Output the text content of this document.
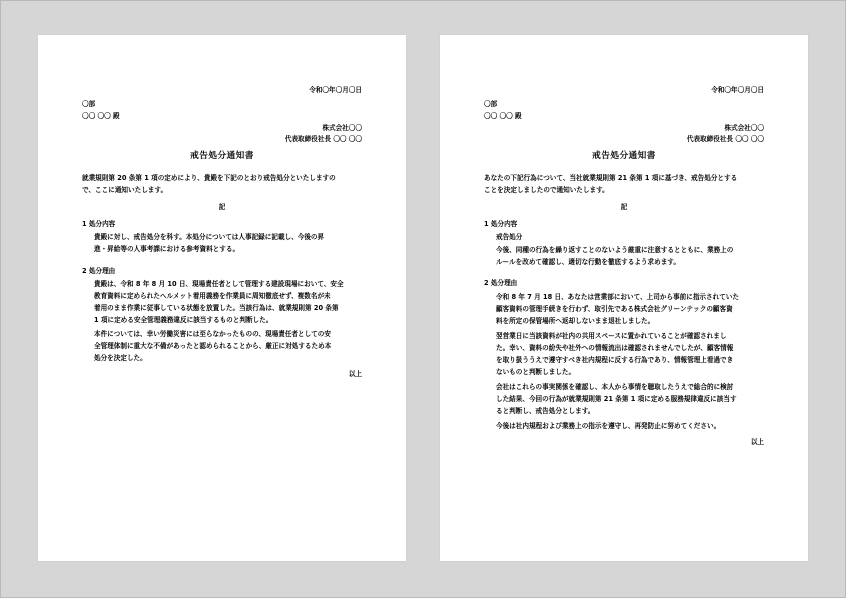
令和〇年〇月〇日
〇部
〇〇 〇〇 殿
株式会社〇〇
代表取締役社長 〇〇 〇〇
戒告処分通知書
就業規則第 20 条第 1 項の定めにより、貴殿を下記のとおり戒告処分といたしますの
で、ここに通知いたします。
記
1 処分内容
貴殿に対し、戒告処分を科す。本処分については人事記録に記載し、今後の昇
進・昇給等の人事考課における参考資料とする。
2 処分理由
貴殿は、令和 8 年 8 月 10 日、現場責任者として管理する建設現場において、安全
教育資料に定められたヘルメット着用義務を作業員に周知徹底せず、複数名が未
着用のまま作業に従事している状態を放置した。当該行為は、就業規則第 20 条第
1 項に定める安全管理義務違反に該当するものと判断した。
本件については、幸い労働災害には至らなかったものの、現場責任者としての安
全管理体制に重大な不備があったと認められることから、厳正に対処するため本
処分を決定した。
以上
令和〇年〇月〇日
〇部
〇〇 〇〇 殿
株式会社〇〇
代表取締役社長 〇〇 〇〇
戒告処分通知書
あなたの下記行為について、当社就業規則第 21 条第 1 項に基づき、戒告処分とする
ことを決定しましたので通知いたします。
記
1 処分内容
戒告処分
今後、同種の行為を繰り返すことのないよう厳重に注意するとともに、業務上の
ルールを改めて確認し、適切な行動を徹底するよう求めます。
2 処分理由
令和 8 年 7 月 18 日、あなたは営業部において、上司から事前に指示されていた
顧客資料の管理手続きを行わず、取引先である株式会社グリーンテックの顧客資
料を所定の保管場所へ返却しないまま退社しました。
翌営業日に当該資料が社内の共用スペースに置かれていることが確認されまし
た。幸い、資料の紛失や社外への情報流出は確認されませんでしたが、顧客情報
を取り扱ううえで遵守すべき社内規程に反する行為であり、情報管理上看過でき
ないものと判断しました。
会社はこれらの事実関係を確認し、本人から事情を聴取したうえで総合的に検討
した結果、今回の行為が就業規則第 21 条第 1 項に定める服務規律違反に該当す
ると判断し、戒告処分とします。
今後は社内規程および業務上の指示を遵守し、再発防止に努めてください。
以上
